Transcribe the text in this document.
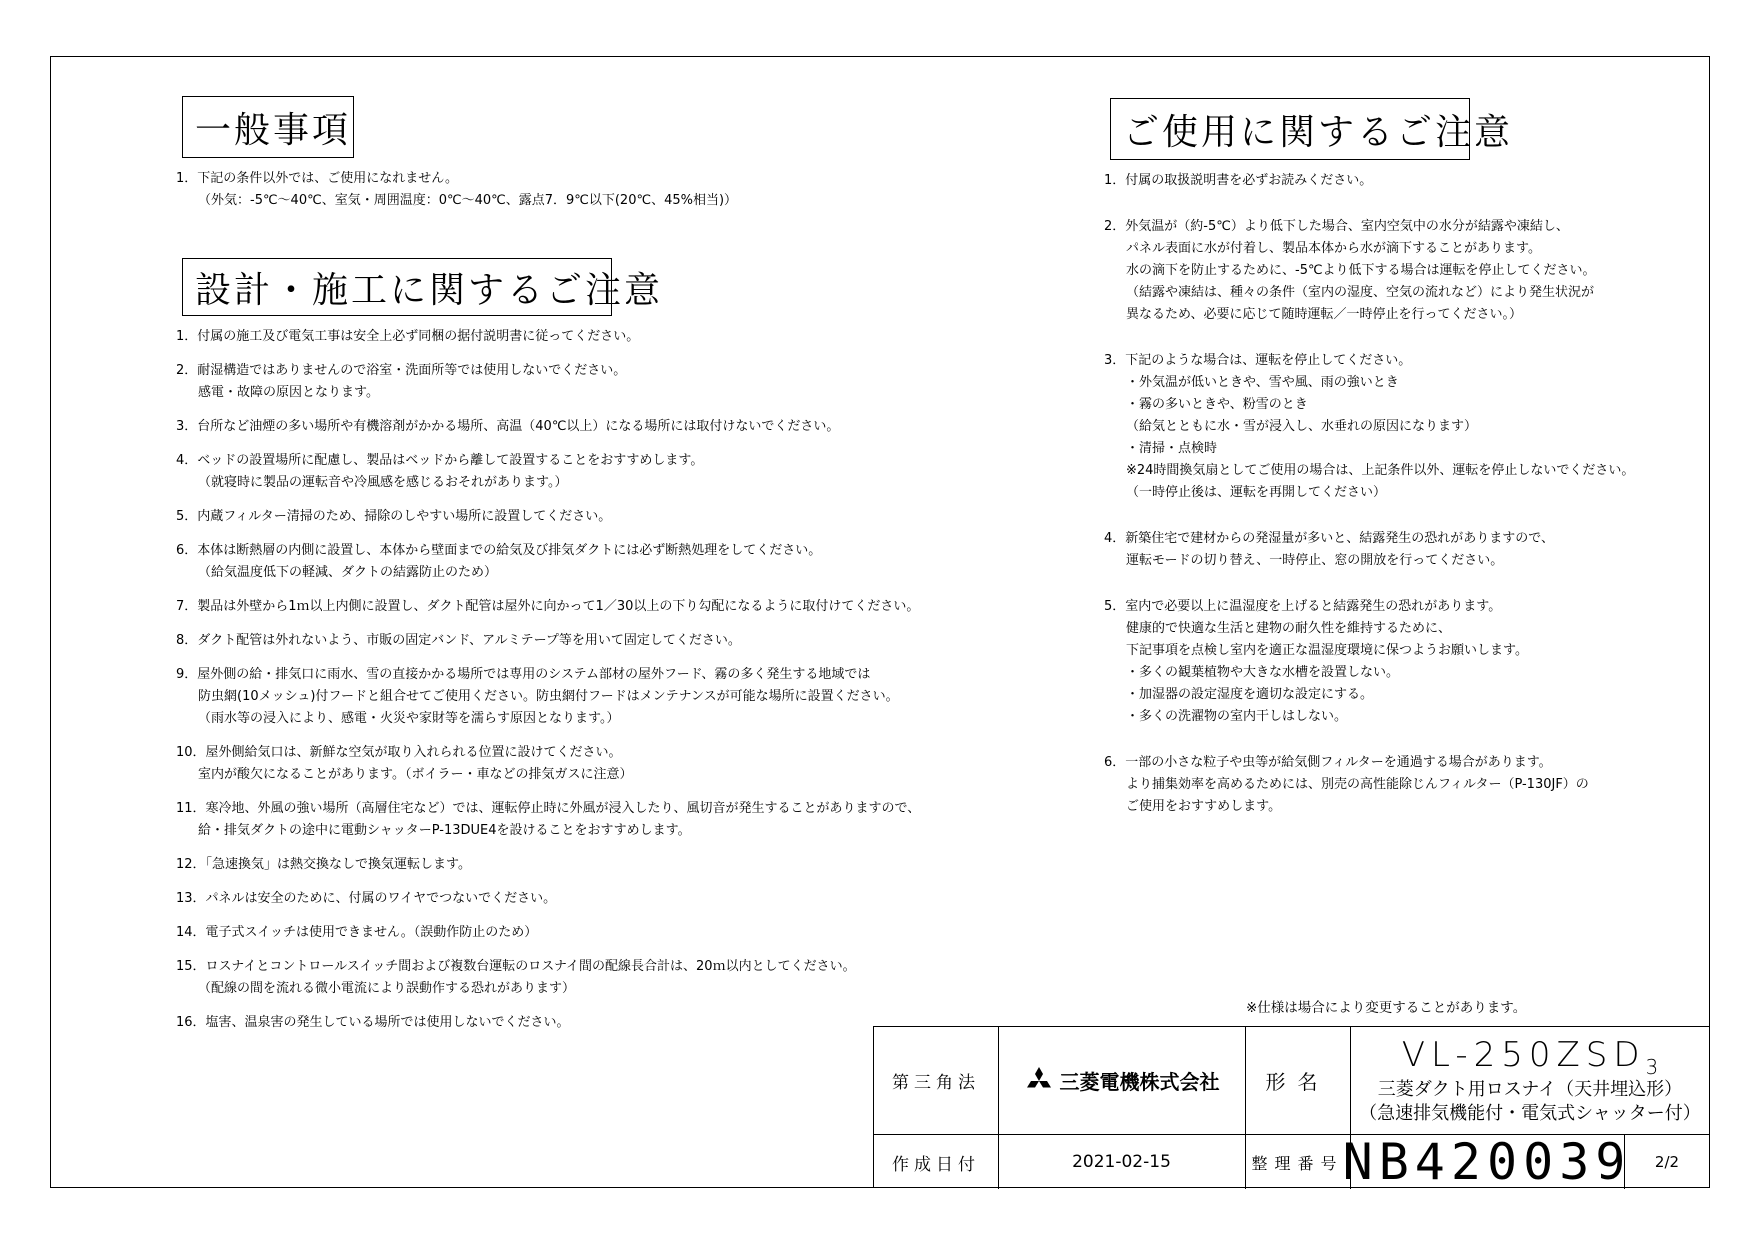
一般事項
1．下記の条件以外では、ご使用になれません。
（外気：-5℃～40℃、室気・周囲温度：0℃～40℃、露点7．9℃以下(20℃、45%相当)）
設計・施工に関するご注意
1．付属の施工及び電気工事は安全上必ず同梱の据付説明書に従ってください。
2．耐湿構造ではありませんので浴室・洗面所等では使用しないでください。
感電・故障の原因となります。
3．台所など油煙の多い場所や有機溶剤がかかる場所、高温（40℃以上）になる場所には取付けないでください。
4．ベッドの設置場所に配慮し、製品はベッドから離して設置することをおすすめします。
（就寝時に製品の運転音や冷風感を感じるおそれがあります。）
5．内蔵フィルター清掃のため、掃除のしやすい場所に設置してください。
6．本体は断熱層の内側に設置し、本体から壁面までの給気及び排気ダクトには必ず断熱処理をしてください。
（給気温度低下の軽減、ダクトの結露防止のため）
7．製品は外壁から1ｍ以上内側に設置し、ダクト配管は屋外に向かって1／30以上の下り勾配になるように取付けてください。
8．ダクト配管は外れないよう、市販の固定バンド、アルミテープ等を用いて固定してください。
9．屋外側の給・排気口に雨水、雪の直接かかる場所では専用のシステム部材の屋外フード、霧の多く発生する地域では
防虫網(10メッシュ)付フードと組合せてご使用ください。防虫網付フードはメンテナンスが可能な場所に設置ください。
（雨水等の浸入により、感電・火災や家財等を濡らす原因となります。）
10．屋外側給気口は、新鮮な空気が取り入れられる位置に設けてください。
室内が酸欠になることがあります。（ボイラー・車などの排気ガスに注意）
11．寒冷地、外風の強い場所（高層住宅など）では、運転停止時に外風が浸入したり、風切音が発生することがありますので、
給・排気ダクトの途中に電動シャッターP-13DUE4を設けることをおすすめします。
12．「急速換気」は熱交換なしで換気運転します。
13．パネルは安全のために、付属のワイヤでつないでください。
14．電子式スイッチは使用できません。（誤動作防止のため）
15．ロスナイとコントロールスイッチ間および複数台運転のロスナイ間の配線長合計は、20ｍ以内としてください。
（配線の間を流れる微小電流により誤動作する恐れがあります）
16．塩害、温泉害の発生している場所では使用しないでください。
ご使用に関するご注意
1．付属の取扱説明書を必ずお読みください。
2．外気温が（約-5℃）より低下した場合、室内空気中の水分が結露や凍結し、
パネル表面に水が付着し、製品本体から水が滴下することがあります。
水の滴下を防止するために、-5℃より低下する場合は運転を停止してください。
（結露や凍結は、種々の条件（室内の湿度、空気の流れなど）により発生状況が
異なるため、必要に応じて随時運転／一時停止を行ってください。）
3．下記のような場合は、運転を停止してください。
・外気温が低いときや、雪や風、雨の強いとき
・霧の多いときや、粉雪のとき
（給気とともに水・雪が浸入し、水垂れの原因になります）
・清掃・点検時
※24時間換気扇としてご使用の場合は、上記条件以外、運転を停止しないでください。
（一時停止後は、運転を再開してください）
4．新築住宅で建材からの発湿量が多いと、結露発生の恐れがありますので、
運転モードの切り替え、一時停止、窓の開放を行ってください。
5．室内で必要以上に温湿度を上げると結露発生の恐れがあります。
健康的で快適な生活と建物の耐久性を維持するために、
下記事項を点検し室内を適正な温湿度環境に保つようお願いします。
・多くの観葉植物や大きな水槽を設置しない。
・加湿器の設定湿度を適切な設定にする。
・多くの洗濯物の室内干しはしない。
6．一部の小さな粒子や虫等が給気側フィルターを通過する場合があります。
より捕集効率を高めるためには、別売の高性能除じんフィルター（P-130JF）の
ご使用をおすすめします。
※仕様は場合により変更することがあります。
第三角法	三菱電機株式会社	形名
$VL-250ZSD_3$
三菱ダクト用ロスナイ（天井埋込形）
（急速排気機能付・電気式シャッター付）
作成日付	2021-02-15	整理番号 NB420039	2/2
